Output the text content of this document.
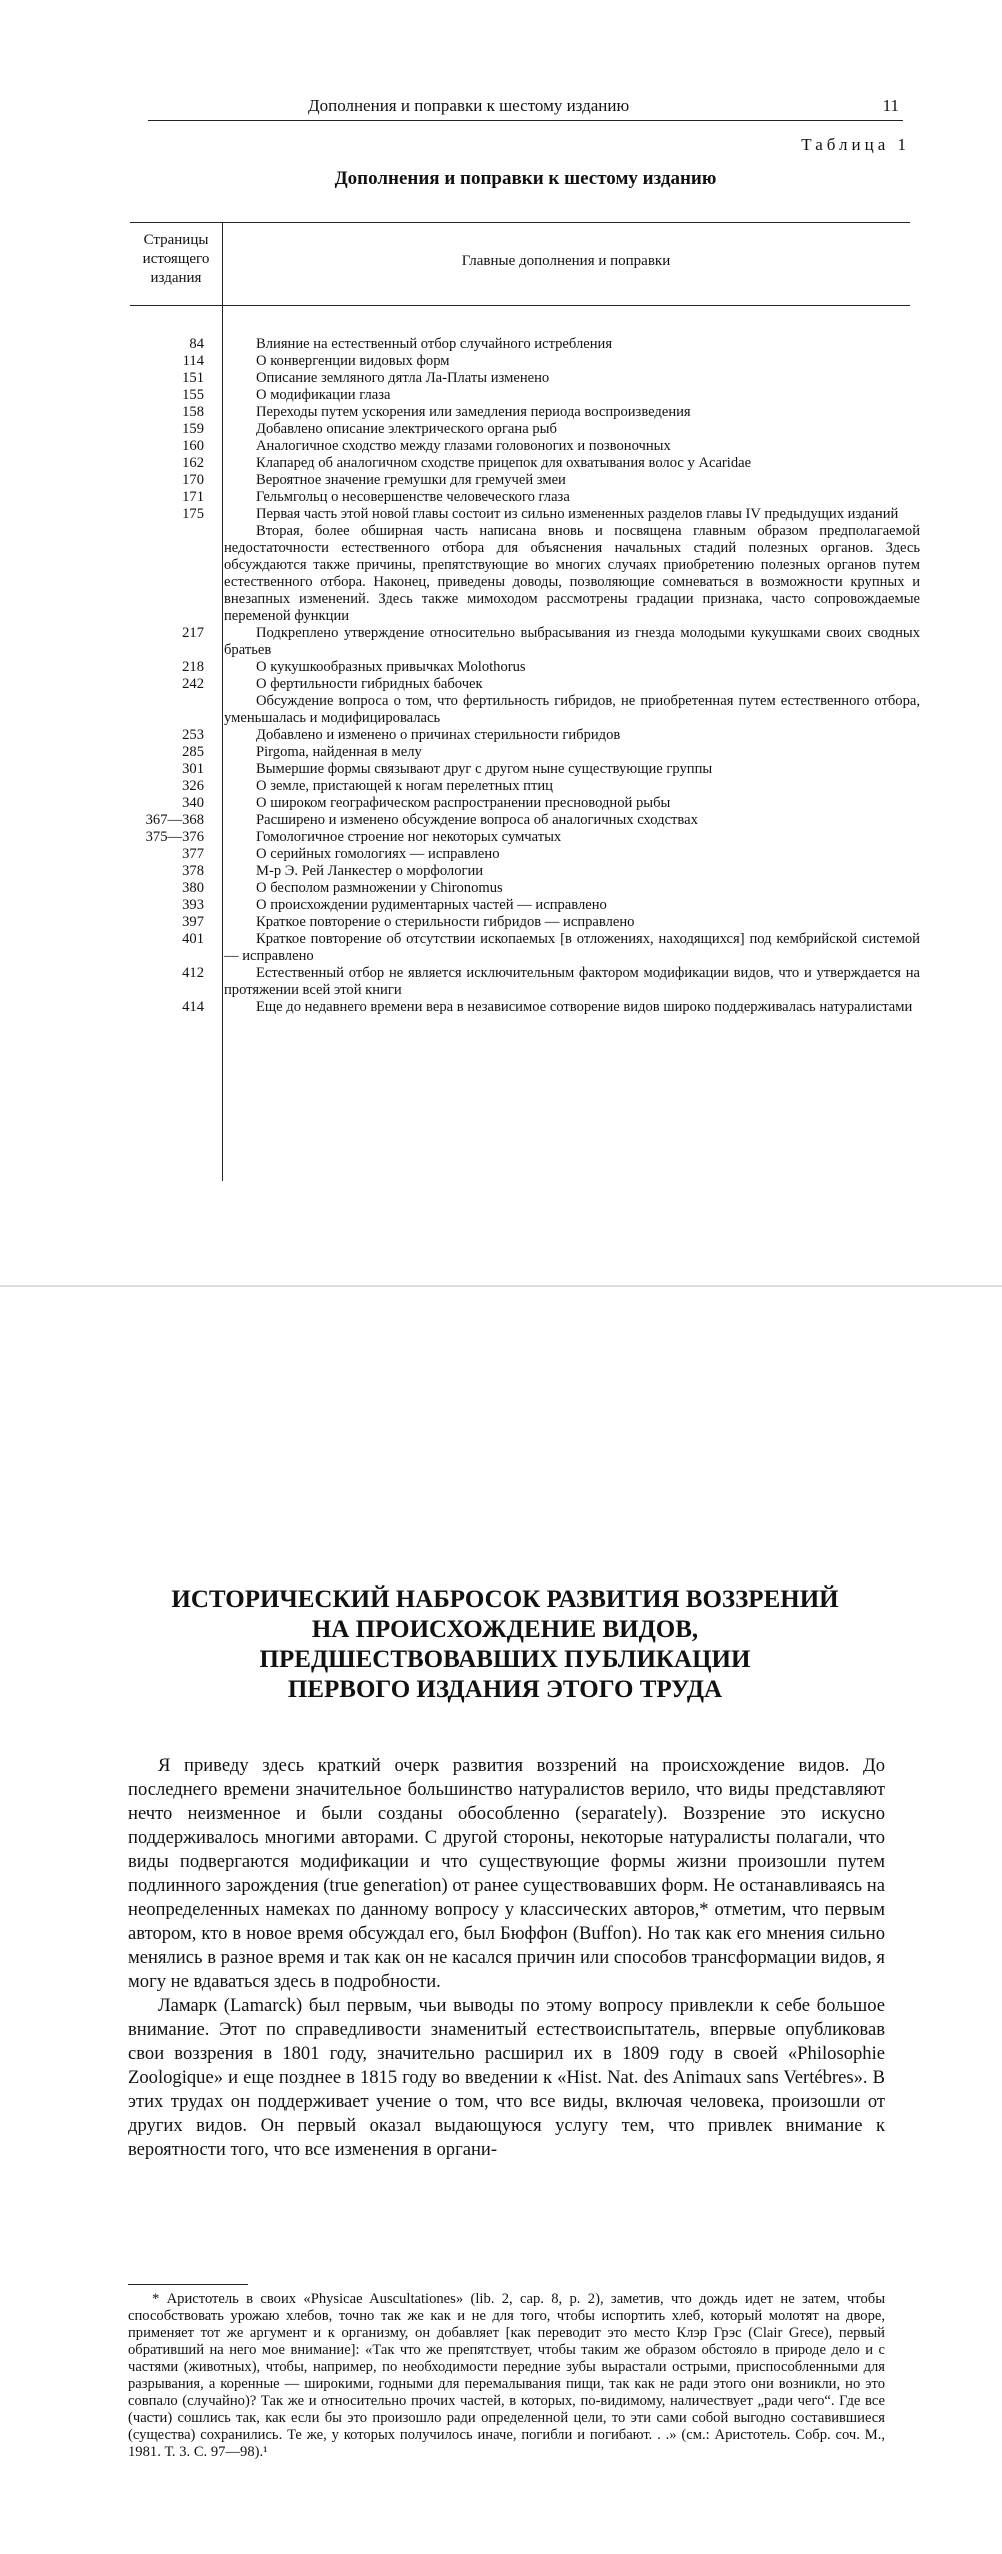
Дополнения и поправки к шестому изданию	11
Таблица 1
Дополнения и поправки к шестому изданию
Страницы
истоящего
издания
Главные дополнения и поправки
84	Влияние на естественный отбор случайного истребления
114	О конвергенции видовых форм
151	Описание земляного дятла Ла-Платы изменено
155	О модификации глаза
158	Переходы путем ускорения или замедления периода воспроизведения
159	Добавлено описание электрического органа рыб
160	Аналогичное сходство между глазами головоногих и позвоночных
162	Клапаред об аналогичном сходстве прицепок для охватывания волос у Acaridae
170	Вероятное значение гремушки для гремучей змеи
171	Гельмгольц о несовершенстве человеческого глаза
175	Первая часть этой новой главы состоит из сильно измененных разделов главы IV предыдущих изданий
Вторая, более обширная часть написана вновь и посвящена главным образом предполагаемой недостаточности естественного отбора для объяснения начальных стадий полезных органов. Здесь обсуждаются также причины, препятствующие во многих случаях приобретению полезных органов путем естественного отбора. Наконец, приведены доводы, позволяющие сомневаться в возможности крупных и внезапных изменений. Здесь также мимоходом рассмотрены градации признака, часто сопровождаемые переменой функции
217	Подкреплено утверждение относительно выбрасывания из гнезда молодыми кукушками своих сводных братьев
218	О кукушкообразных привычках Molothorus
242	О фертильности гибридных бабочек
Обсуждение вопроса о том, что фертильность гибридов, не приобретенная путем естественного отбора, уменьшалась и модифицировалась
253	Добавлено и изменено о причинах стерильности гибридов
285	Pirgoma, найденная в мелу
301	Вымершие формы связывают друг с другом ныне существующие группы
326	О земле, пристающей к ногам перелетных птиц
340	О широком географическом распространении пресноводной рыбы
367—368	Расширено и изменено обсуждение вопроса об аналогичных сходствах
375—376	Гомологичное строение ног некоторых сумчатых
377	О серийных гомологиях — исправлено
378	М-р Э. Рей Ланкестер о морфологии
380	О бесполом размножении у Chironomus
393	О происхождении рудиментарных частей — исправлено
397	Краткое повторение о стерильности гибридов — исправлено
401	Краткое повторение об отсутствии ископаемых [в отложениях, находящихся] под кембрийской системой — исправлено
412	Естественный отбор не является исключительным фактором модификации видов, что и утверждается на протяжении всей этой книги
414	Еще до недавнего времени вера в независимое сотворение видов широко поддерживалась натуралистами
ИСТОРИЧЕСКИЙ НАБРОСОК РАЗВИТИЯ ВОЗЗРЕНИЙ
НА ПРОИСХОЖДЕНИЕ ВИДОВ,
ПРЕДШЕСТВОВАВШИХ ПУБЛИКАЦИИ
ПЕРВОГО ИЗДАНИЯ ЭТОГО ТРУДА

Я приведу здесь краткий очерк развития воззрений на происхождение видов. До последнего времени значительное большинство натуралистов верило, что виды представляют нечто неизменное и были созданы обособленно (separately). Воззрение это искусно поддерживалось многими авторами. С другой стороны, некоторые натуралисты полагали, что виды подвергаются модификации и что существующие формы жизни произошли путем подлинного зарождения (true generation) от ранее существовавших форм. Не останавливаясь на неопределенных намеках по данному вопросу у классических авторов,* отметим, что первым автором, кто в новое время обсуждал его, был Бюффон (Buffon). Но так как его мнения сильно менялись в разное время и так как он не касался причин или способов трансформации видов, я могу не вдаваться здесь в подробности.

Ламарк (Lamarck) был первым, чьи выводы по этому вопросу привлекли к себе большое внимание. Этот по справедливости знаменитый естествоиспытатель, впервые опубликовав свои воззрения в 1801 году, значительно расширил их в 1809 году в своей «Philosophie Zoologique» и еще позднее в 1815 году во введении к «Hist. Nat. des Animaux sans Vertébres». В этих трудах он поддерживает учение о том, что все виды, включая человека, произошли от других видов. Он первый оказал выдающуюся услугу тем, что привлек внимание к вероятности того, что все изменения в органи-

* Аристотель в своих «Physicae Auscultationes» (lib. 2, cap. 8, p. 2), заметив, что дождь идет не затем, чтобы способствовать урожаю хлебов, точно так же как и не для того, чтобы испортить хлеб, который молотят на дворе, применяет тот же аргумент и к организму, он добавляет [как переводит это место Клэр Грэс (Clair Grece), первый обративший на него мое внимание]: «Так что же препятствует, чтобы таким же образом обстояло в природе дело и с частями (животных), чтобы, например, по необходимости передние зубы вырастали острыми, приспособленными для разрывания, а коренные — широкими, годными для перемалывания пищи, так как не ради этого они возникли, но это совпало (случайно)? Так же и относительно прочих частей, в которых, по-видимому, наличествует „ради чего“. Где все (части) сошлись так, как если бы это произошло ради определенной цели, то эти сами собой выгодно составившиеся (существа) сохранились. Те же, у которых получилось иначе, погибли и погибают. . .» (см.: Аристотель. Собр. соч. М., 1981. Т. 3. С. 97—98).¹
